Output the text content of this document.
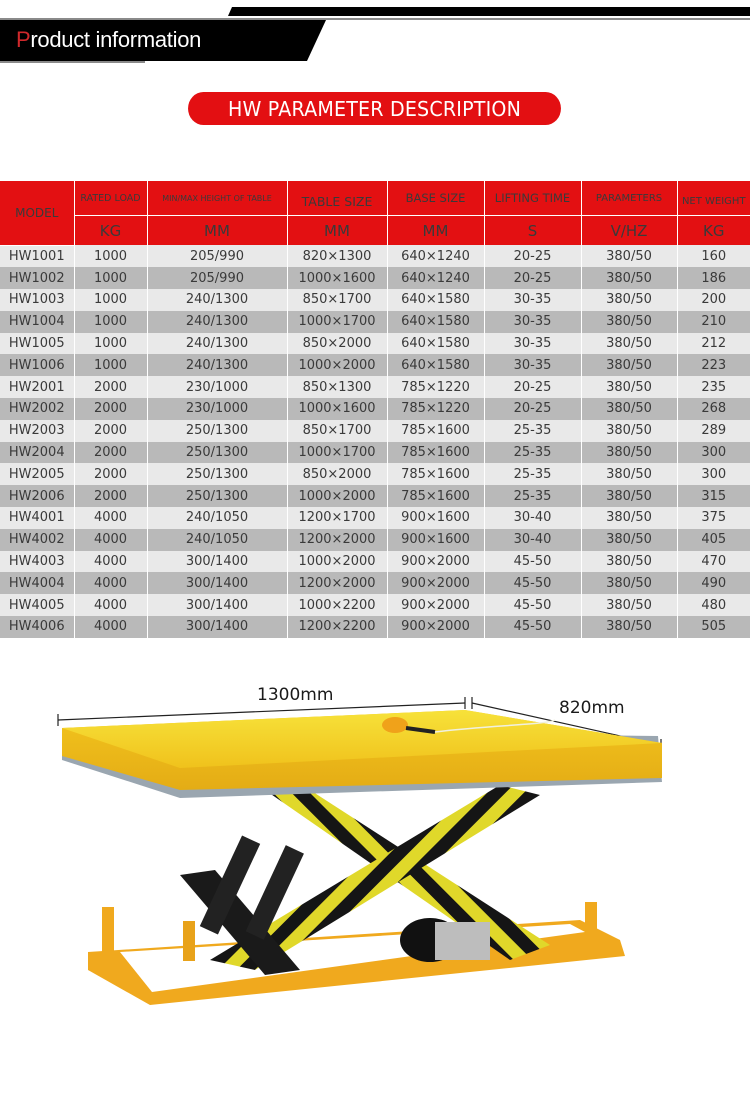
Product information
HW PARAMETER DESCRIPTION
MODEL	RATED LOAD	MIN/MAX HEIGHT OF TABLE	TABLE SIZE	BASE SIZE	LIFTING TIME	PARAMETERS	NET WEIGHT
	KG	MM	MM	MM	S	V/HZ	KG
HW1001	1000	205/990	820×1300	640×1240	20-25	380/50	160
HW1002	1000	205/990	1000×1600	640×1240	20-25	380/50	186
HW1003	1000	240/1300	850×1700	640×1580	30-35	380/50	200
HW1004	1000	240/1300	1000×1700	640×1580	30-35	380/50	210
HW1005	1000	240/1300	850×2000	640×1580	30-35	380/50	212
HW1006	1000	240/1300	1000×2000	640×1580	30-35	380/50	223
HW2001	2000	230/1000	850×1300	785×1220	20-25	380/50	235
HW2002	2000	230/1000	1000×1600	785×1220	20-25	380/50	268
HW2003	2000	250/1300	850×1700	785×1600	25-35	380/50	289
HW2004	2000	250/1300	1000×1700	785×1600	25-35	380/50	300
HW2005	2000	250/1300	850×2000	785×1600	25-35	380/50	300
HW2006	2000	250/1300	1000×2000	785×1600	25-35	380/50	315
HW4001	4000	240/1050	1200×1700	900×1600	30-40	380/50	375
HW4002	4000	240/1050	1200×2000	900×1600	30-40	380/50	405
HW4003	4000	300/1400	1000×2000	900×2000	45-50	380/50	470
HW4004	4000	300/1400	1200×2000	900×2000	45-50	380/50	490
HW4005	4000	300/1400	1000×2200	900×2000	45-50	380/50	480
HW4006	4000	300/1400	1200×2200	900×2000	45-50	380/50	505
1300mm
820mm
